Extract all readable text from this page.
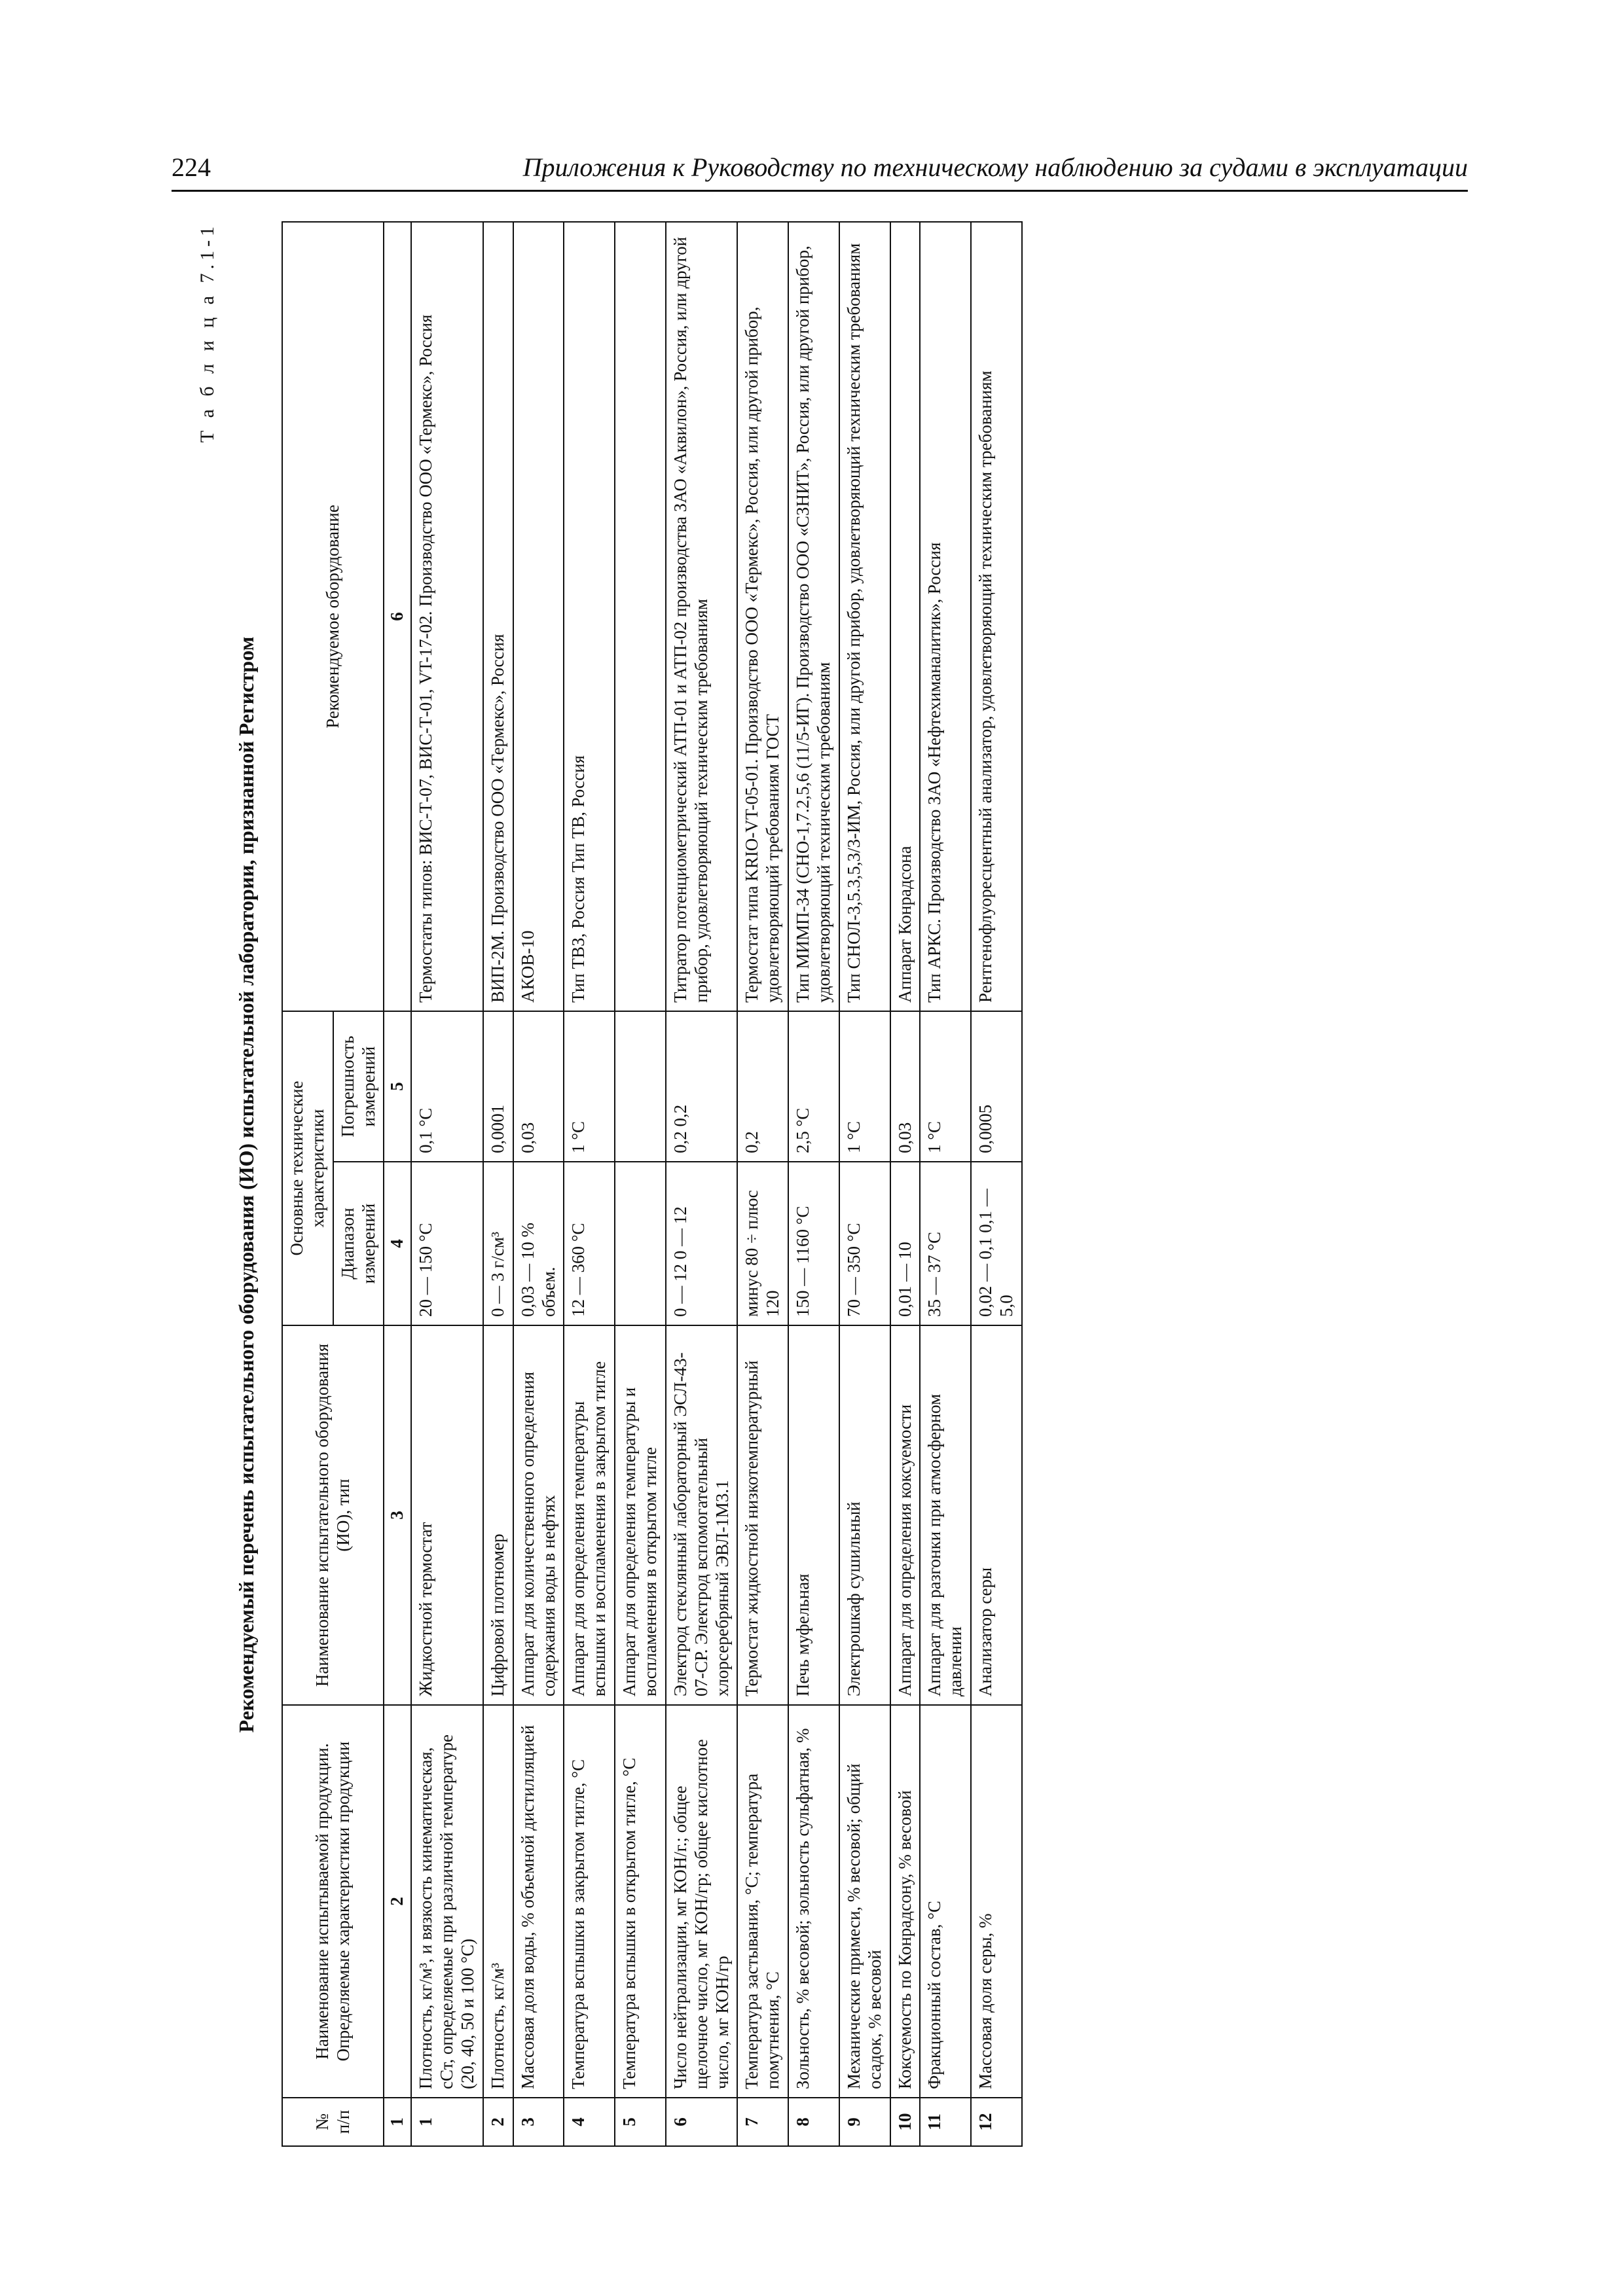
224	Приложения к Руководству по техническому наблюдению за судами в эксплуатации
Т а б л и ц а 7.1-1
Рекомендуемый перечень испытательного оборудования (ИО) испытательной лаборатории, признанной Регистром
№ п/п	Наименование испытываемой продукции. Определяемые характеристики продукции	Наименование испытательного оборудования (ИО), тип	Основные технические характеристики		Рекомендуемое оборудование
			Диапазон измерений	Погрешность измерений	
1	2	3	4	5	6
1	Плотность, кг/м³, и вязкость кинематическая, сСт, определяемые при различной температуре (20, 40, 50 и 100 °С)	Жидкостной термостат	20 — 150 °С	0,1 °С	Термостаты типов: ВИС-Т-07, ВИС-Т-01, VT-17-02. Производство ООО «Термекс», Россия
2	Плотность, кг/м³	Цифровой плотномер	0 — 3 г/см³	0,0001	ВИП-2М. Производство ООО «Термекс», Россия
3	Массовая доля воды, % объемной дистилляцией	Аппарат для количественного определения содержания воды в нефтях	0,03 — 10 % объем.	0,03	АКОВ-10
4	Температура вспышки в закрытом тигле, °С	Аппарат для определения температуры вспышки и воспламенения в закрытом тигле	12 — 360 °С	1 °С	Тип ТВЗ, Россия Тип ТВ, Россия
5	Температура вспышки в открытом тигле, °С	Аппарат для определения температуры и воспламенения в открытом тигле			
6	Число нейтрализации, мг КОН/г.; общее щелочное число, мг КОН/гр; общее кислотное число, мг КОН/гр	Электрод стеклянный лабораторный ЭСЛ-43-07-СР. Электрод вспомогательный хлорсеребряный ЭВЛ-1М3.1	0 — 12 0 — 12	0,2 0,2	Титратор потенциометрический АТП-01 и АТП-02 производства ЗАО «Аквилон», Россия, или другой прибор, удовлетворяющий техническим требованиям
7	Температура застывания, °С; температура помутнения, °С	Термостат жидкостной низкотемпературный	минус 80 ÷ плюс 120	0,2	Термостат типа KRIO-VT-05-01. Производство ООО «Термекс», Россия, или другой прибор, удовлетворяющий требованиям ГОСТ
8	Зольность, % весовой; зольность сульфатная, %	Печь муфельная	150 — 1160 °С	2,5 °С	Тип МИМП-34 (СНО-1,7.2,5,6 (11/5-ИГ). Производство ООО «СЗНИТ», Россия, или другой прибор, удовлетворяющий техническим требованиям
9	Механические примеси, % весовой; общий осадок, % весовой	Электрошкаф сушильный	70 — 350 °С	1 °С	Тип СНОЛ-3,5.3,5,3/3-ИМ, Россия, или другой прибор, удовлетворяющий техническим требованиям
10	Коксуемость по Конрадсону, % весовой	Аппарат для определения коксуемости	0,01 — 10	0,03	Аппарат Конрадсона
11	Фракционный состав, °С	Аппарат для разгонки при атмосферном давлении	35 — 37 °С	1 °С	Тип АРКС. Производство ЗАО «Нефтехиманалитик», Россия
12	Массовая доля серы, %	Анализатор серы	0,02 — 0,1 0,1 — 5,0	0,0005	Рентгенофлуоресцентный анализатор, удовлетворяющий техническим требованиям
